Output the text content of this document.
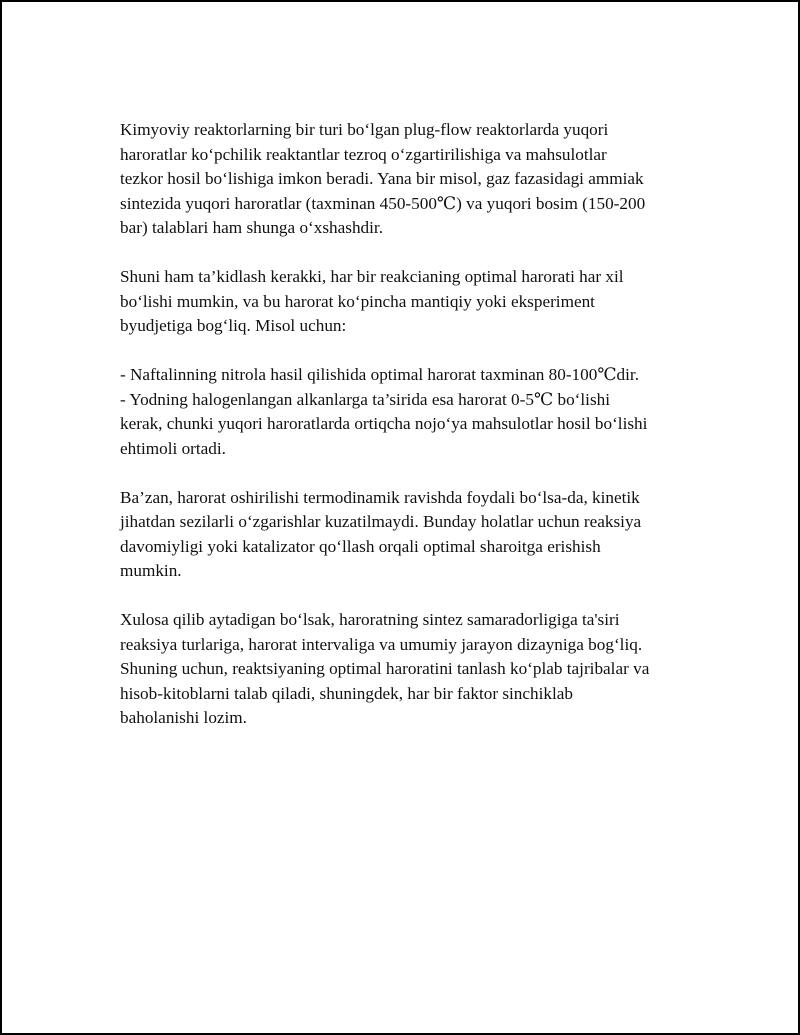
Kimyoviy reaktorlarning bir turi bo‘lgan plug-flow reaktorlarda yuqori
haroratlar ko‘pchilik reaktantlar tezroq o‘zgartirilishiga va mahsulotlar
tezkor hosil bo‘lishiga imkon beradi. Yana bir misol, gaz fazasidagi ammiak
sintezida yuqori haroratlar (taxminan 450-500℃) va yuqori bosim (150-200
bar) talablari ham shunga o‘xshashdir.

Shuni ham ta’kidlash kerakki, har bir reakcianing optimal harorati har xil
bo‘lishi mumkin, va bu harorat ko‘pincha mantiqiy yoki eksperiment
byudjetiga bog‘liq. Misol uchun:

- Naftalinning nitrola hasil qilishida optimal harorat taxminan 80-100℃dir.
- Yodning halogenlangan alkanlarga ta’sirida esa harorat 0-5℃ bo‘lishi
kerak, chunki yuqori haroratlarda ortiqcha nojo‘ya mahsulotlar hosil bo‘lishi
ehtimoli ortadi.

Ba’zan, harorat oshirilishi termodinamik ravishda foydali bo‘lsa-da, kinetik
jihatdan sezilarli o‘zgarishlar kuzatilmaydi. Bunday holatlar uchun reaksiya
davomiyligi yoki katalizator qo‘llash orqali optimal sharoitga erishish
mumkin.

Xulosa qilib aytadigan bo‘lsak, haroratning sintez samaradorligiga ta'siri
reaksiya turlariga, harorat intervaliga va umumiy jarayon dizayniga bog‘liq.
Shuning uchun, reaktsiyaning optimal haroratini tanlash ko‘plab tajribalar va
hisob-kitoblarni talab qiladi, shuningdek, har bir faktor sinchiklab
baholanishi lozim.
